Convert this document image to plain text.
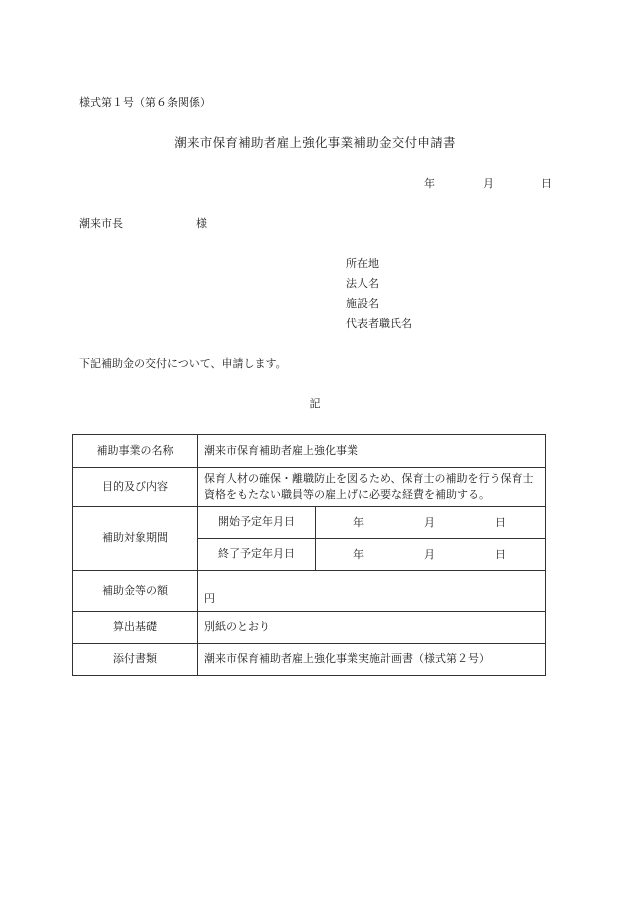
様式第１号（第６条関係）
潮来市保育補助者雇上強化事業補助金交付申請書
年	月	日
潮来市長	様
所在地
法人名
施設名
代表者職氏名
下記補助金の交付について、申請します。
記
補助事業の名称	潮来市保育補助者雇上強化事業	
目的及び内容	保育人材の確保・離職防止を図るため、保育士の補助を行う保育士資格をもたない職員等の雇上げに必要な経費を補助する。	
補助対象期間	開始予定年月日	年 月 日

	終了予定年月日	年 月 日

補助金等の額	円	
算出基礎	別紙のとおり	
添付書類	潮来市保育補助者雇上強化事業実施計画書（様式第２号）	
